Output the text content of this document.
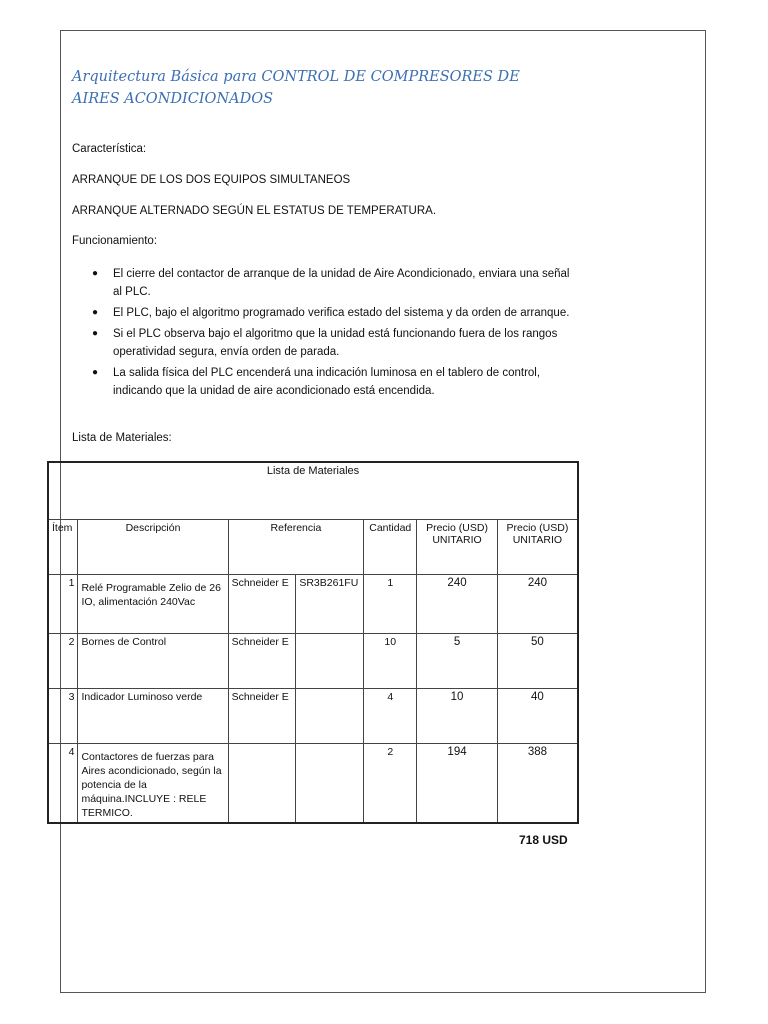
Arquitectura Básica para CONTROL DE COMPRESORES DE AIRES ACONDICIONADOS

Característica:

ARRANQUE DE LOS DOS EQUIPOS SIMULTANEOS

ARRANQUE ALTERNADO SEGÚN EL ESTATUS DE TEMPERATURA.

Funcionamiento:

● El cierre del contactor de arranque de la unidad de Aire Acondicionado, enviara una señal al PLC.
● El PLC, bajo el algoritmo programado verifica estado del sistema y da orden de arranque.
● Si el PLC observa bajo el algoritmo que la unidad está funcionando fuera de los rangos operatividad segura, envía orden de parada.
● La salida física del PLC encenderá una indicación luminosa en el tablero de control, indicando que la unidad de aire acondicionado está encendida.

Lista de Materiales:

Lista de Materiales						
Ítem	Descripción	Referencia		Cantidad	Precio (USD) UNITARIO	Precio (USD) UNITARIO
1	Relé Programable Zelio de 26 IO, alimentación 240Vac	Schneider E	SR3B261FU	1	240	240
2	Bornes de Control	Schneider E		10	5	50
3	Indicador Luminoso verde	Schneider E		4	10	40
4	Contactores de fuerzas para Aires acondicionado, según la potencia de la máquina.INCLUYE : RELE TERMICO.			2	194	388
718 USD
